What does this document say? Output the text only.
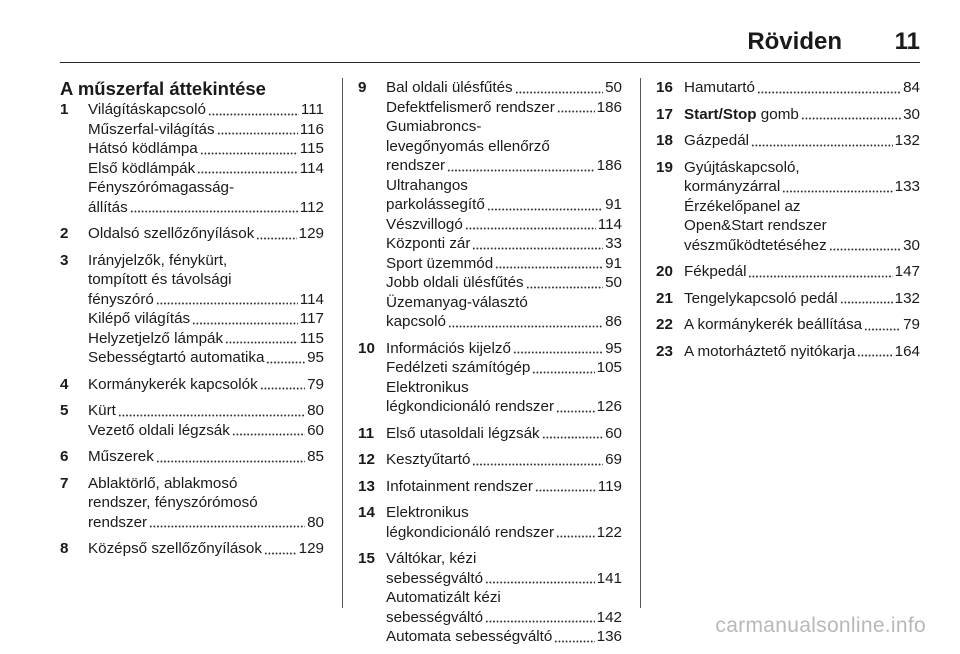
Röviden 11
A műszerfal áttekintése
1	Világításkapcsoló	111
Műszerfal-világítás	116
Hátsó ködlámpa	115
Első ködlámpák	114
Fényszórómagasság-
állítás	112
2	Oldalsó szellőzőnyílások	129
3	Irányjelzők, fénykürt,
tompított és távolsági
fényszóró	114
Kilépő világítás	117
Helyzetjelző lámpák	115
Sebességtartó automatika	95
4	Kormánykerék kapcsolók	79
5	Kürt	80
Vezető oldali légzsák	60
6	Műszerek	85
7	Ablaktörlő, ablakmosó
rendszer, fényszórómosó
rendszer	80
8	Középső szellőzőnyílások 129
9	Bal oldali ülésfűtés	50
Defektfelismerő rendszer	186
Gumiabroncs-
levegőnyomás ellenőrző
rendszer	186
Ultrahangos
parkolássegítő	91
Vészvillogó	114
Központi zár	33
Sport üzemmód	91
Jobb oldali ülésfűtés	50
Üzemanyag-választó
kapcsoló	86
10 Információs kijelző	95
Fedélzeti számítógép	105
Elektronikus
légkondicionáló rendszer	126
11 Első utasoldali légzsák	60
12 Kesztyűtartó	69
13 Infotainment rendszer	119
14 Elektronikus
légkondicionáló rendszer	122
15 Váltókar, kézi
sebességváltó	141
Automatizált kézi
sebességváltó	142
Automata sebességváltó	136
16 Hamutartó	84
17 Start/Stop gomb	30
18 Gázpedál	132
19 Gyújtáskapcsoló,
kormányzárral	133
Érzékelőpanel az
Open&Start rendszer
vészműködtetéséhez	30
20 Fékpedál	147
21 Tengelykapcsoló pedál	132
22 A kormánykerék beállítása	79
23 A motorháztető nyitókarja	164
carmanualsonline.info
